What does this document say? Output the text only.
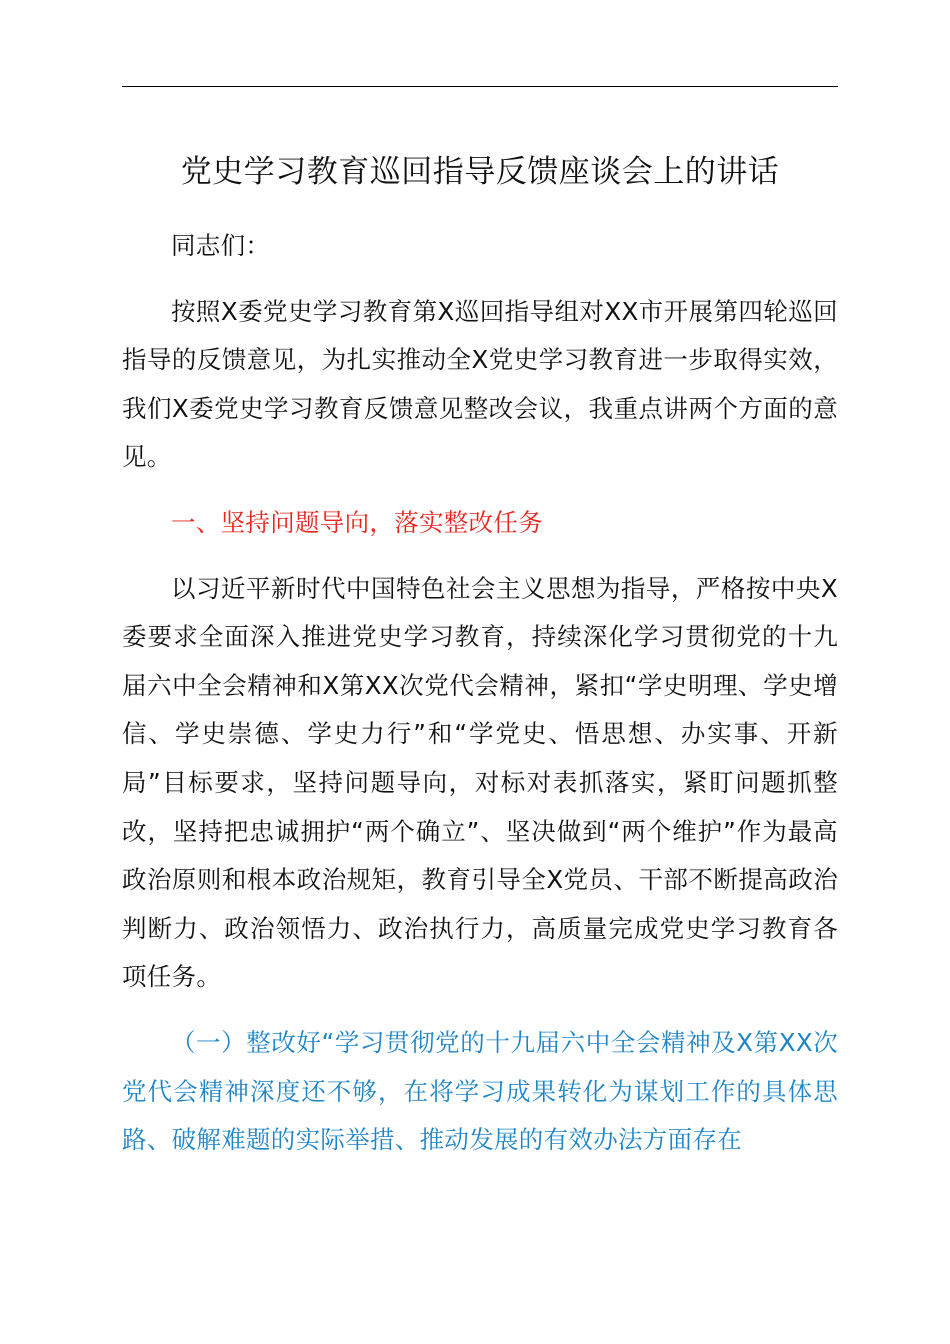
党史学习教育巡回指导反馈座谈会上的讲话

同志们：

按照X委党史学习教育第X巡回指导组对XX市开展第四轮巡回指导的反馈意见，为扎实推动全X党史学习教育进一步取得实效，我们X委党史学习教育反馈意见整改会议，我重点讲两个方面的意见。

一、坚持问题导向，落实整改任务

以习近平新时代中国特色社会主义思想为指导，严格按中央X委要求全面深入推进党史学习教育，持续深化学习贯彻党的十九届六中全会精神和X第XX次党代会精神，紧扣“学史明理、学史增信、学史崇德、学史力行”和“学党史、悟思想、办实事、开新局”目标要求，坚持问题导向，对标对表抓落实，紧盯问题抓整改，坚持把忠诚拥护“两个确立”、坚决做到“两个维护”作为最高政治原则和根本政治规矩，教育引导全X党员、干部不断提高政治判断力、政治领悟力、政治执行力，高质量完成党史学习教育各项任务。

（一）整改好“学习贯彻党的十九届六中全会精神及X第XX次党代会精神深度还不够，在将学习成果转化为谋划工作的具体思路、破解难题的实际举措、推动发展的有效办法方面存在
